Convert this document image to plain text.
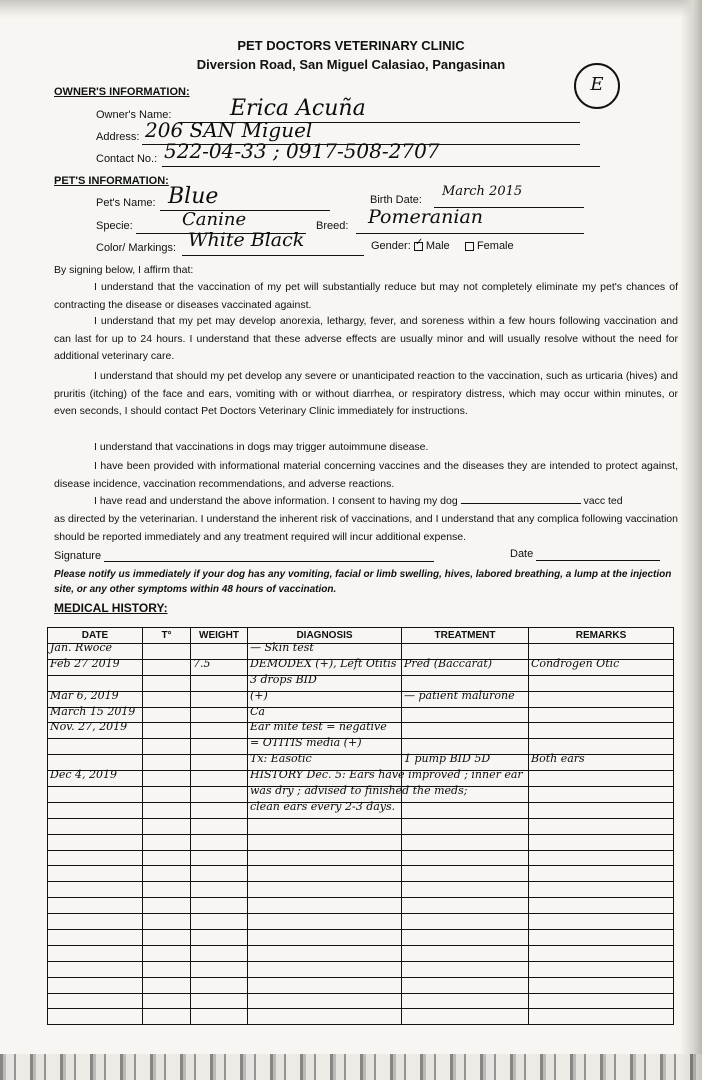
PET DOCTORS VETERINARY CLINIC
Diversion Road, San Miguel Calasiao, Pangasinan
E
OWNER'S INFORMATION:
Owner's Name:	Erica Acuña
Address: 206 SAN Miguel
Contact No.: 522-04-33 ; 0917-508-2707
PET'S INFORMATION:
Pet's Name: Blue	Birth Date:
March 2015
Specie:	Canine	Breed: Pomeranian
Color/ Markings: White Black	Gender: ✓ Male Female
By signing below, I affirm that:
I understand that the vaccination of my pet will substantially reduce but may not completely eliminate my pet's chances of contracting the disease or diseases vaccinated against.
I understand that my pet may develop anorexia, lethargy, fever, and soreness within a few hours following vaccination and can last for up to 24 hours. I understand that these adverse effects are usually minor and will usually resolve without the need for additional veterinary care.
I understand that should my pet develop any severe or unanticipated reaction to the vaccination, such as urticaria (hives) and pruritis (itching) of the face and ears, vomiting with or without diarrhea, or respiratory distress, which may occur within minutes, or even seconds, I should contact Pet Doctors Veterinary Clinic immediately for instructions.
I understand that vaccinations in dogs may trigger autoimmune disease.
I have been provided with informational material concerning vaccines and the diseases they are intended to protect against, disease incidence, vaccination recommendations, and adverse reactions.
I have read and understand the above information. I consent to having my dog	vacc ted
as directed by the veterinarian. I understand the inherent risk of vaccinations, and I understand that any complica following vaccination should be reported immediately and any treatment required will incur additional expense.
Signature	Date
Please notify us immediately if your dog has any vomiting, facial or limb swelling, hives, labored breathing, a lump at the injection site, or any other symptoms within 48 hours of vaccination.
MEDICAL HISTORY:
DATE	T°	WEIGHT	DIAGNOSIS	TREATMENT	REMARKS

Jan. Rwoce			— Skin test		

Feb 27 2019		7.5	DEMODEX (+), Left Otitis	Pred (Baccarat)	Condrogen Otic

			3 drops BID		

Mar 6, 2019			(+)	— patient malurone	

March 15 2019			Ca		

Nov. 27, 2019			Ear mite test = negative		

			= OTITIS media (+)		

			Tx: Easotic	1 pump BID 5D	Both ears

Dec 4, 2019			HISTORY Dec. 5: Ears have improved ; inner ear		

			was dry ; advised to finished the meds;		

			clean ears every 2-3 days.		
